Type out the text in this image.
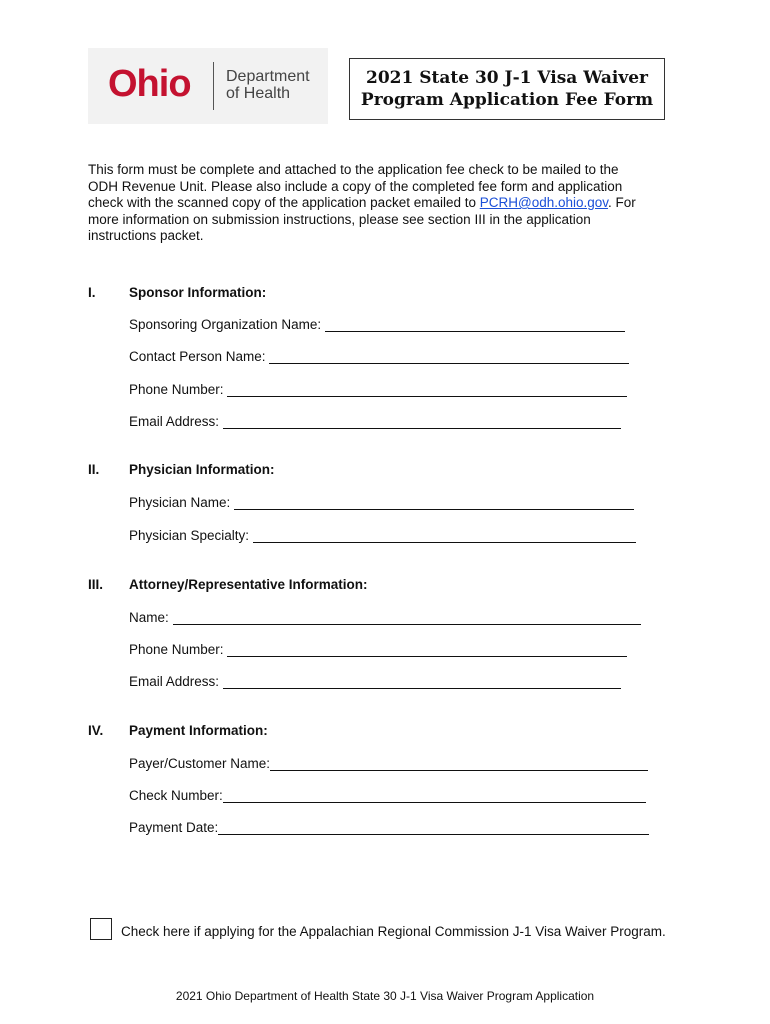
Ohio Department
of Health
2021 State 30 J-1 Visa Waiver
Program Application Fee Form
This form must be complete and attached to the application fee check to be mailed to the ODH Revenue Unit. Please also include a copy of the completed fee form and application check with the scanned copy of the application packet emailed to PCRH@odh.ohio.gov. For more information on submission instructions, please see section III in the application instructions packet.
I. Sponsor Information:
Sponsoring Organization Name:
Contact Person Name:
Phone Number:
Email Address:
II. Physician Information:
Physician Name:
Physician Specialty:
III. Attorney/Representative Information:
Name:
Phone Number:
Email Address:
IV. Payment Information:
Payer/Customer Name:
Check Number:
Payment Date:
Check here if applying for the Appalachian Regional Commission J-1 Visa Waiver Program.
2021 Ohio Department of Health State 30 J-1 Visa Waiver Program Application
